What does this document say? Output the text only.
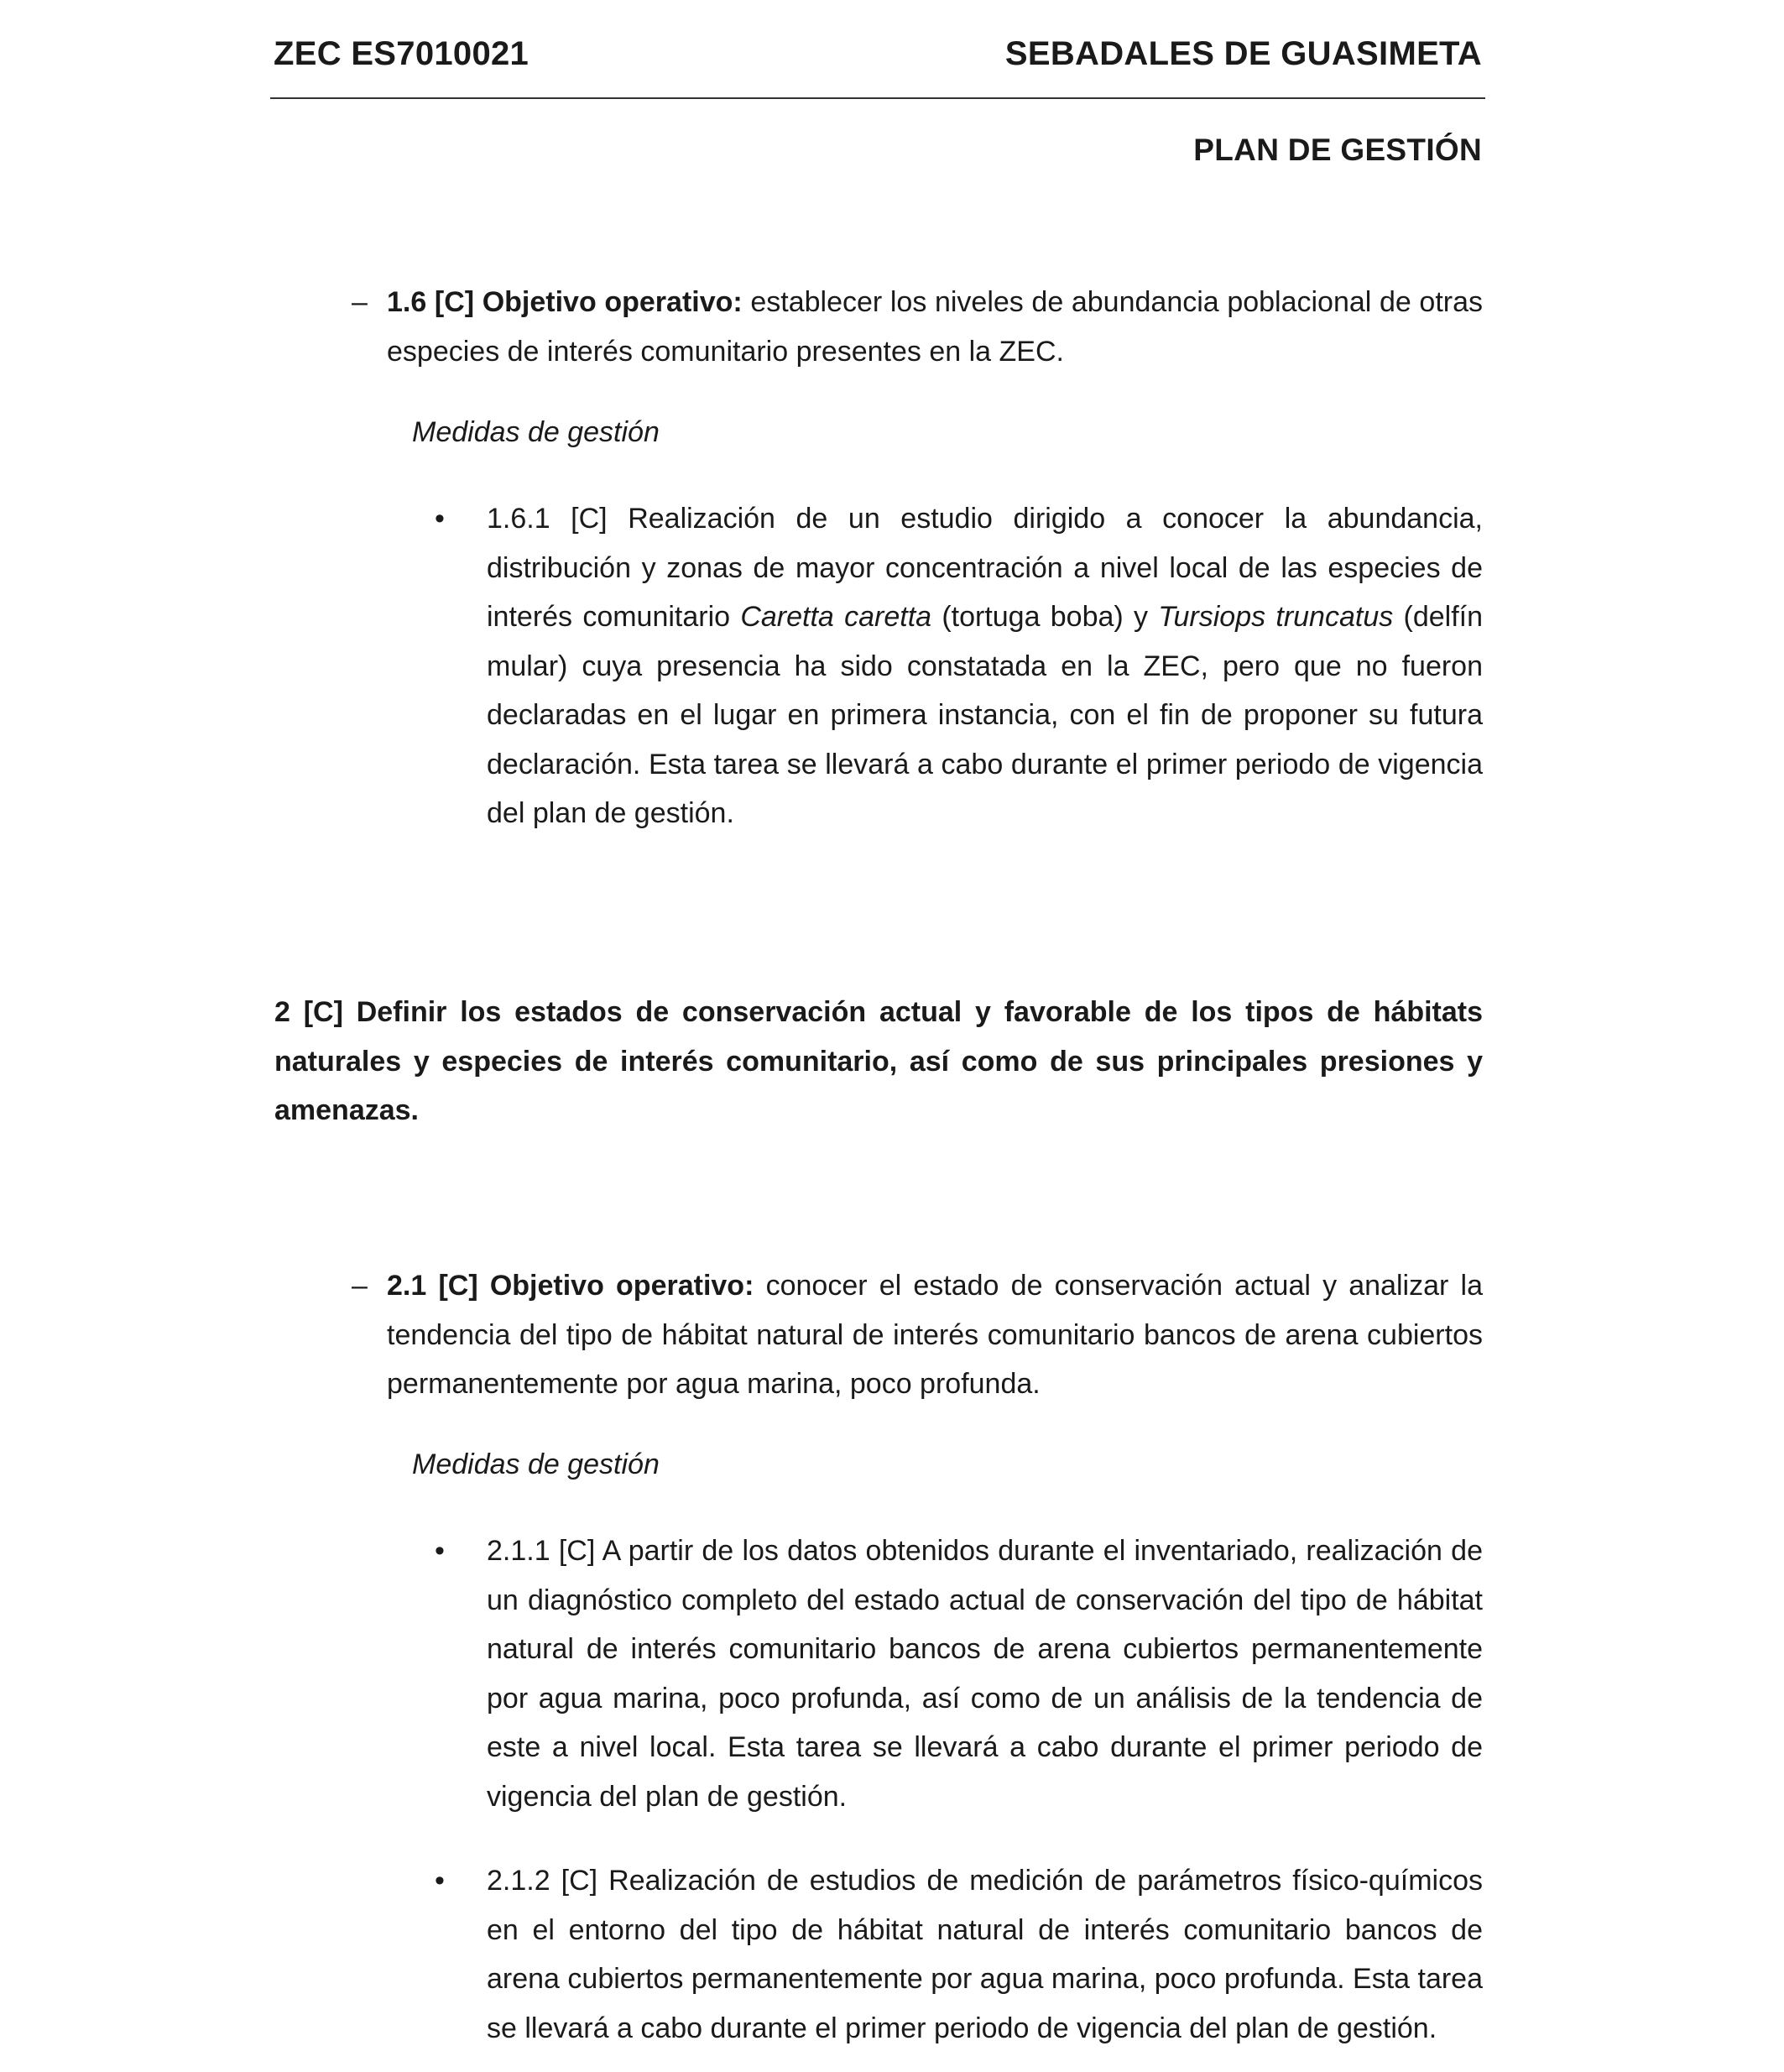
ZEC ES7010021	SEBADALES DE GUASIMETA
PLAN DE GESTIÓN
– 1.6 [C] Objetivo operativo: establecer los niveles de abundancia poblacional de otras especies de interés comunitario presentes en la ZEC.
Medidas de gestión
• 1.6.1 [C] Realización de un estudio dirigido a conocer la abundancia, distribución y zonas de mayor concentración a nivel local de las especies de interés comunitario Caretta caretta (tortuga boba) y Tursiops truncatus (delfín mular) cuya presencia ha sido constatada en la ZEC, pero que no fueron declaradas en el lugar en primera instancia, con el fin de proponer su futura declaración. Esta tarea se llevará a cabo durante el primer periodo de vigencia del plan de gestión.
2 [C] Definir los estados de conservación actual y favorable de los tipos de hábitats naturales y especies de interés comunitario, así como de sus principales presiones y amenazas.
– 2.1 [C] Objetivo operativo: conocer el estado de conservación actual y analizar la tendencia del tipo de hábitat natural de interés comunitario bancos de arena cubiertos permanentemente por agua marina, poco profunda.
Medidas de gestión
• 2.1.1 [C] A partir de los datos obtenidos durante el inventariado, realización de un diagnóstico completo del estado actual de conservación del tipo de hábitat natural de interés comunitario bancos de arena cubiertos permanentemente por agua marina, poco profunda, así como de un análisis de la tendencia de este a nivel local. Esta tarea se llevará a cabo durante el primer periodo de vigencia del plan de gestión.
• 2.1.2 [C] Realización de estudios de medición de parámetros físico-químicos en el entorno del tipo de hábitat natural de interés comunitario bancos de arena cubiertos permanentemente por agua marina, poco profunda. Esta tarea se llevará a cabo durante el primer periodo de vigencia del plan de gestión.
